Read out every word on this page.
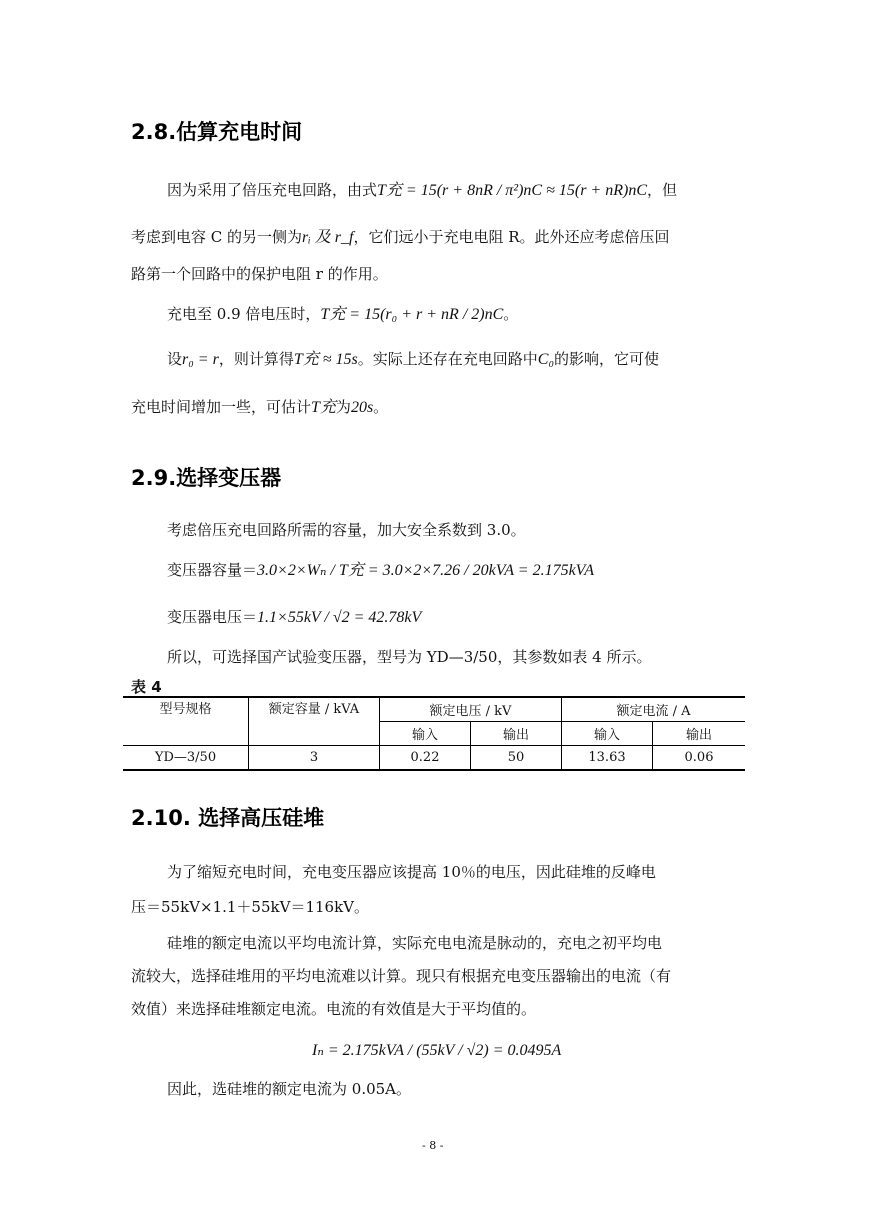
2.8.估算充电时间
因为采用了倍压充电回路，由式T充 = 15(r + 8nR / π²)nC ≈ 15(r + nR)nC，但
考虑到电容 C 的另一侧为rᵢ 及 r_f，它们远小于充电电阻 R。此外还应考虑倍压回
路第一个回路中的保护电阻 r 的作用。
充电至 0.9 倍电压时，T充 = 15(r₀ + r + nR / 2)nC。
设r₀ = r，则计算得T充 ≈ 15s。实际上还存在充电回路中C₀的影响，它可使
充电时间增加一些，可估计T充为20s。
2.9.选择变压器
考虑倍压充电回路所需的容量，加大安全系数到 3.0。
变压器容量＝3.0×2×Wₙ / T充 = 3.0×2×7.26 / 20kVA = 2.175kVA
变压器电压＝1.1×55kV / √2 = 42.78kV
所以，可选择国产试验变压器，型号为 YD—3/50，其参数如表 4 所示。
表 4
型号规格	额定容量 / kVA	额定电压 / kV		额定电流 / A	
		输入	输出	输入	输出
YD—3/50	3	0.22	50	13.63	0.06
2.10. 选择高压硅堆
为了缩短充电时间，充电变压器应该提高 10％的电压，因此硅堆的反峰电
压＝55kV×1.1＋55kV＝116kV。
硅堆的额定电流以平均电流计算，实际充电电流是脉动的，充电之初平均电
流较大，选择硅堆用的平均电流难以计算。现只有根据充电变压器输出的电流（有
效值）来选择硅堆额定电流。电流的有效值是大于平均值的。
Iₙ = 2.175kVA / (55kV / √2) = 0.0495A
因此，选硅堆的额定电流为 0.05A。
- 8 -
